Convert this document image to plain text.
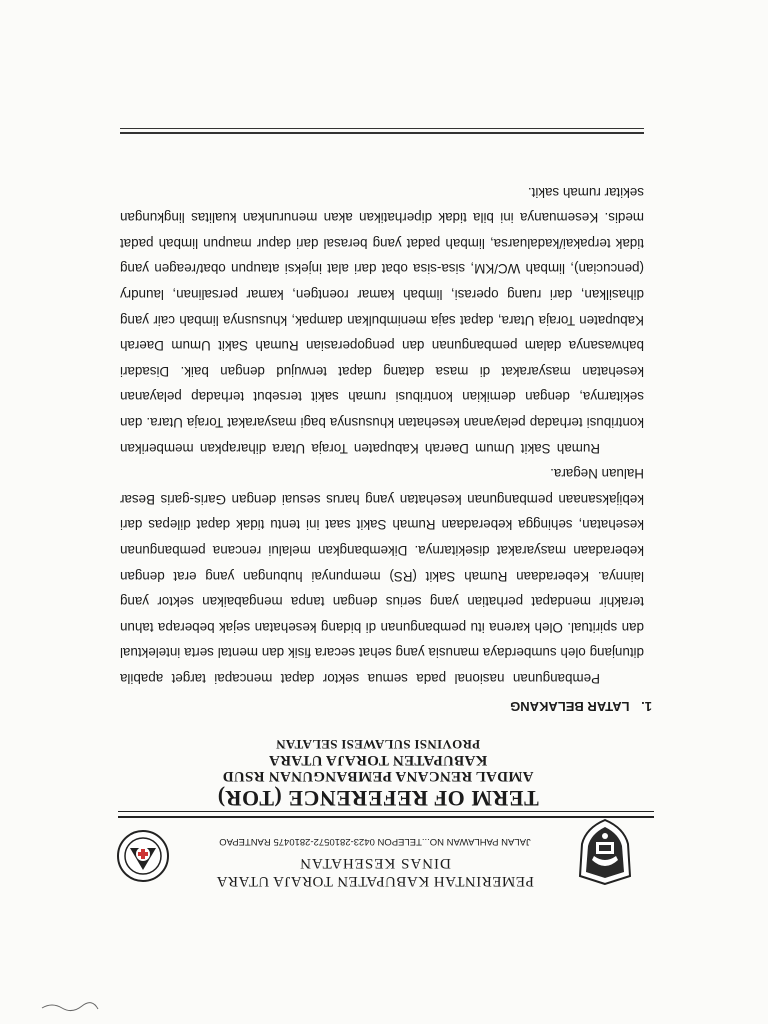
PEMERINTAH KABUPATEN TORAJA UTARA
DINAS KESEHATAN
JALAN PAHLAWAN NO...TELEPON 0423-2810572-2810475 RANTEPAO
TERM OF REFERENCE (TOR)
AMDAL RENCANA PEMBANGUNAN RSUD
KABUPATEN TORAJA UTARA
PROVINSI SULAWESI SELATAN
1. LATAR BELAKANG

Pembangunan nasional pada semua sektor dapat mencapai target apabila ditunjang oleh sumberdaya manusia yang sehat secara fisik dan mental serta intelektual dan spiritual. Oleh karena itu pembangunan di bidang kesehatan sejak beberapa tahun terakhir mendapat perhatian yang serius dengan tanpa mengabaikan sektor yang lainnya. Keberadaan Rumah Sakit (RS) mempunyai hubungan yang erat dengan keberadaan masyarakat disekitarnya. Dikembangkan melalui rencana pembangunan kesehatan, sehingga keberadaan Rumah Sakit saat ini tentu tidak dapat dilepas dari kebijaksanaan pembangunan kesehatan yang harus sesuai dengan Garis-garis Besar Haluan Negara.

Rumah Sakit Umum Daerah Kabupaten Toraja Utara diharapkan memberikan kontribusi terhadap pelayanan kesehatan khususnya bagi masyarakat Toraja Utara. dan sekitarnya, dengan demikian kontribusi rumah sakit tersebut terhadap pelayanan kesehatan masyarakat di masa datang dapat terwujud dengan baik. Disadari bahwasanya dalam pembangunan dan pengoperasian Rumah Sakit Umum Daerah Kabupaten Toraja Utara, dapat saja menimbulkan dampak, khususnya limbah cair yang dihasilkan, dari ruang operasi, limbah kamar roentgen, kamar persalinan, laundry (pencucian), limbah WC/KM, sisa-sisa obat dari alat injeksi ataupun obat/reagen yang tidak terpakai/kadaluarsa, limbah padat yang berasal dari dapur maupun limbah padat medis. Kesemuanya ini bila tidak diperhatikan akan menurunkan kualitas lingkungan sekitar rumah sakit.
